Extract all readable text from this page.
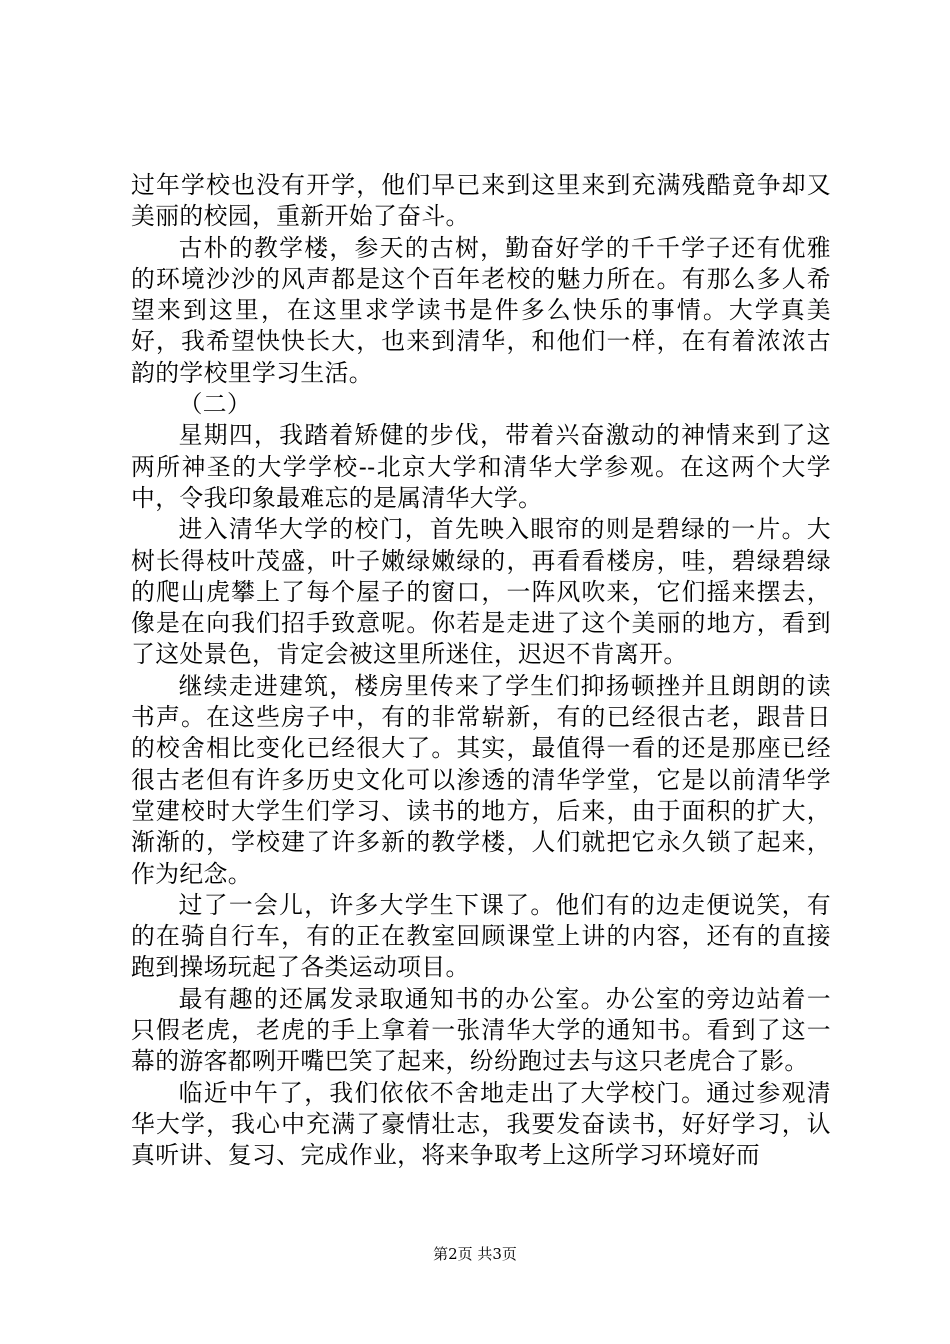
过年学校也没有开学，他们早已来到这里来到充满残酷竟争却又美丽的校园，重新开始了奋斗。

古朴的教学楼，参天的古树，勤奋好学的千千学子还有优雅的环境沙沙的风声都是这个百年老校的魅力所在。有那么多人希望来到这里，在这里求学读书是件多么快乐的事情。大学真美好，我希望快快长大，也来到清华，和他们一样，在有着浓浓古韵的学校里学习生活。

（二）

星期四，我踏着矫健的步伐，带着兴奋激动的神情来到了这两所神圣的大学学校--北京大学和清华大学参观。在这两个大学中，令我印象最难忘的是属清华大学。

进入清华大学的校门，首先映入眼帘的则是碧绿的一片。大树长得枝叶茂盛，叶子嫩绿嫩绿的，再看看楼房，哇，碧绿碧绿的爬山虎攀上了每个屋子的窗口，一阵风吹来，它们摇来摆去，像是在向我们招手致意呢。你若是走进了这个美丽的地方，看到了这处景色，肯定会被这里所迷住，迟迟不肯离开。

继续走进建筑，楼房里传来了学生们抑扬顿挫并且朗朗的读书声。在这些房子中，有的非常崭新，有的已经很古老，跟昔日的校舍相比变化已经很大了。其实，最值得一看的还是那座已经很古老但有许多历史文化可以渗透的清华学堂，它是以前清华学堂建校时大学生们学习、读书的地方，后来，由于面积的扩大，渐渐的，学校建了许多新的教学楼，人们就把它永久锁了起来，作为纪念。

过了一会儿，许多大学生下课了。他们有的边走便说笑，有的在骑自行车，有的正在教室回顾课堂上讲的内容，还有的直接跑到操场玩起了各类运动项目。

最有趣的还属发录取通知书的办公室。办公室的旁边站着一只假老虎，老虎的手上拿着一张清华大学的通知书。看到了这一幕的游客都咧开嘴巴笑了起来，纷纷跑过去与这只老虎合了影。

临近中午了，我们依依不舍地走出了大学校门。通过参观清华大学，我心中充满了豪情壮志，我要发奋读书，好好学习，认真听讲、复习、完成作业，将来争取考上这所学习环境好而

第2页 共3页
